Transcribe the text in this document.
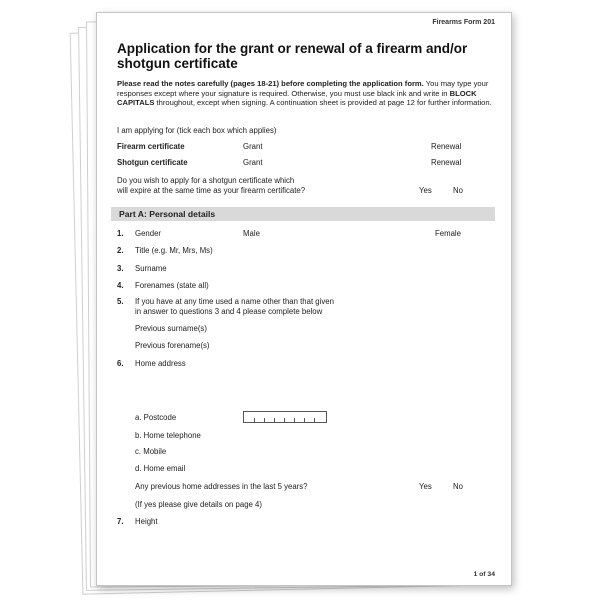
Firearms Form 201
Application for the grant or renewal of a firearm and/or shotgun certificate
Please read the notes carefully (pages 18-21) before completing the application form. You may type your responses except where your signature is required. Otherwise, you must use black ink and write in BLOCK CAPITALS throughout, except when signing. A continuation sheet is provided at page 12 for further information.
I am applying for (tick each box which applies)
Firearm certificate	Grant	Renewal
Shotgun certificate	Grant	Renewal
Do you wish to apply for a shotgun certificate which
will expire at the same time as your firearm certificate?	Yes	No
Part A: Personal details
1. Gender	Male	Female
2. Title (e.g. Mr, Mrs, Ms)
3. Surname
4. Forenames (state all)
5. If you have at any time used a name other than that given
in answer to questions 3 and 4 please complete below
Previous surname(s)
Previous forename(s)
6. Home address
a. Postcode
b. Home telephone
c. Mobile
d. Home email
Any previous home addresses in the last 5 years?	Yes	No
(If yes please give details on page 4)
7. Height
1 of 34
